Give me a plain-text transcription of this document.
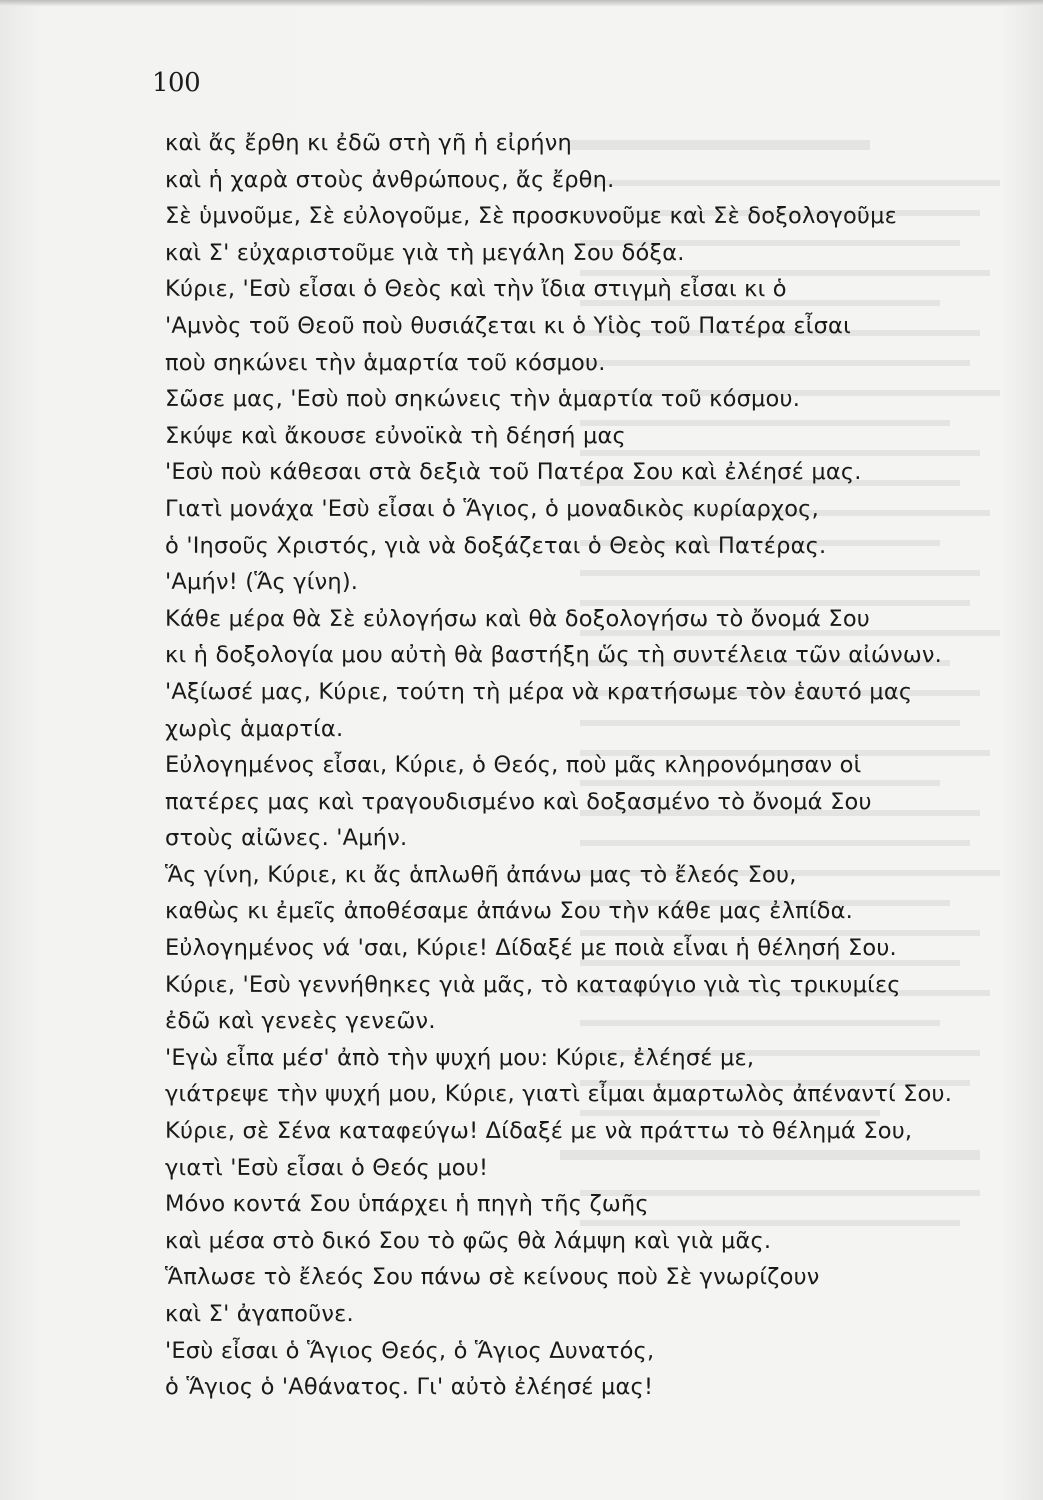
100
καὶ ἄς ἔρθη κι ἐδῶ στὴ γῆ ἡ εἰρήνη
καὶ ἡ χαρὰ στοὺς ἀνθρώπους, ἄς ἔρθη.
Σὲ ὑμνοῦμε, Σὲ εὐλογοῦμε, Σὲ προσκυνοῦμε καὶ Σὲ δοξολογοῦμε
καὶ Σ' εὐχαριστοῦμε γιὰ τὴ μεγάλη Σου δόξα.
Κύριε, 'Εσὺ εἶσαι ὁ Θεὸς καὶ τὴν ἴδια στιγμὴ εἶσαι κι ὁ
'Αμνὸς τοῦ Θεοῦ ποὺ θυσιάζεται κι ὁ Υἱὸς τοῦ Πατέρα εἶσαι
ποὺ σηκώνει τὴν ἁμαρτία τοῦ κόσμου.
Σῶσε μας, 'Εσὺ ποὺ σηκώνεις τὴν ἁμαρτία τοῦ κόσμου.
Σκύψε καὶ ἄκουσε εὐνοϊκὰ τὴ δέησή μας
'Εσὺ ποὺ κάθεσαι στὰ δεξιὰ τοῦ Πατέρα Σου καὶ ἐλέησέ μας.
Γιατὶ μονάχα 'Εσὺ εἶσαι ὁ Ἅγιος, ὁ μοναδικὸς κυρίαρχος,
ὁ 'Ιησοῦς Χριστός, γιὰ νὰ δοξάζεται ὁ Θεὸς καὶ Πατέρας.
'Αμήν! (Ἅς γίνη).
Κάθε μέρα θὰ Σὲ εὐλογήσω καὶ θὰ δοξολογήσω τὸ ὄνομά Σου
κι ἡ δοξολογία μου αὐτὴ θὰ βαστήξη ὥς τὴ συντέλεια τῶν αἰώνων.
'Αξίωσέ μας, Κύριε, τούτη τὴ μέρα νὰ κρατήσωμε τὸν ἑαυτό μας
χωρὶς ἁμαρτία.
Εὐλογημένος εἶσαι, Κύριε, ὁ Θεός, ποὺ μᾶς κληρονόμησαν οἱ
πατέρες μας καὶ τραγουδισμένο καὶ δοξασμένο τὸ ὄνομά Σου
στοὺς αἰῶνες. 'Αμήν.
Ἅς γίνη, Κύριε, κι ἄς ἁπλωθῆ ἀπάνω μας τὸ ἔλεός Σου,
καθὼς κι ἐμεῖς ἀποθέσαμε ἀπάνω Σου τὴν κάθε μας ἐλπίδα.
Εὐλογημένος νά 'σαι, Κύριε! Δίδαξέ με ποιὰ εἶναι ἡ θέλησή Σου.
Κύριε, 'Εσὺ γεννήθηκες γιὰ μᾶς, τὸ καταφύγιο γιὰ τὶς τρικυμίες
ἐδῶ καὶ γενεὲς γενεῶν.
'Εγὼ εἶπα μέσ' ἀπὸ τὴν ψυχή μου: Κύριε, ἐλέησέ με,
γιάτρεψε τὴν ψυχή μου, Κύριε, γιατὶ εἶμαι ἁμαρτωλὸς ἀπέναντί Σου.
Κύριε, σὲ Σένα καταφεύγω! Δίδαξέ με νὰ πράττω τὸ θέλημά Σου,
γιατὶ 'Εσὺ εἶσαι ὁ Θεός μου!
Μόνο κοντά Σου ὑπάρχει ἡ πηγὴ τῆς ζωῆς
καὶ μέσα στὸ δικό Σου τὸ φῶς θὰ λάμψη καὶ γιὰ μᾶς.
Ἅπλωσε τὸ ἔλεός Σου πάνω σὲ κείνους ποὺ Σὲ γνωρίζουν
καὶ Σ' ἀγαποῦνε.
'Εσὺ εἶσαι ὁ Ἅγιος Θεός, ὁ Ἅγιος Δυνατός,
ὁ Ἅγιος ὁ 'Αθάνατος. Γι' αὐτὸ ἐλέησέ μας!
